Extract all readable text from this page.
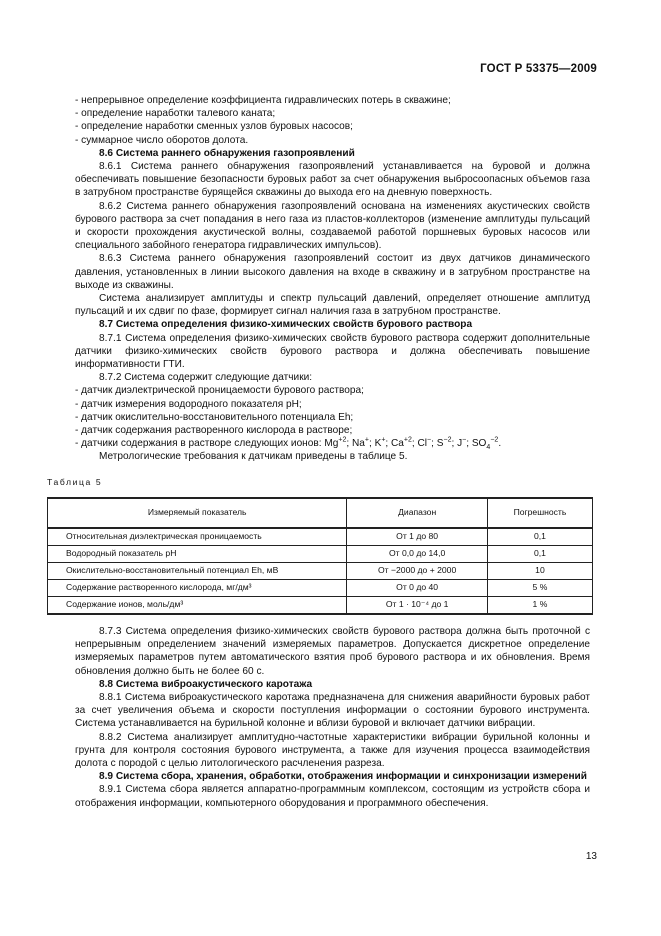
ГОСТ Р 53375—2009

- непрерывное определение коэффициента гидравлических потерь в скважине;

- определение наработки талевого каната;

- определение наработки сменных узлов буровых насосов;

- суммарное число оборотов долота.

8.6 Система раннего обнаружения газопроявлений

8.6.1 Система раннего обнаружения газопроявлений устанавливается на буровой и должна обеспечивать повышение безопасности буровых работ за счет обнаружения выбросоопасных объемов газа в затрубном пространстве бурящейся скважины до выхода его на дневную поверхность.

8.6.2 Система раннего обнаружения газопроявлений основана на изменениях акустических свойств бурового раствора за счет попадания в него газа из пластов-коллекторов (изменение амплитуды пульсаций и скорости прохождения акустической волны, создаваемой работой поршневых буровых насосов или специального забойного генератора гидравлических импульсов).

8.6.3 Система раннего обнаружения газопроявлений состоит из двух датчиков динамического давления, установленных в линии высокого давления на входе в скважину и в затрубном пространстве на выходе из скважины.

Система анализирует амплитуды и спектр пульсаций давлений, определяет отношение амплитуд пульсаций и их сдвиг по фазе, формирует сигнал наличия газа в затрубном пространстве.

8.7 Система определения физико-химических свойств бурового раствора

8.7.1 Система определения физико-химических свойств бурового раствора содержит дополнительные датчики физико-химических свойств бурового раствора и должна обеспечивать повышение информативности ГТИ.

8.7.2 Система содержит следующие датчики:

- датчик диэлектрической проницаемости бурового раствора;

- датчик измерения водородного показателя pH;

- датчик окислительно-восстановительного потенциала Eh;

- датчик содержания растворенного кислорода в растворе;

- датчики содержания в растворе следующих ионов: $Mg^{+2}$; Na+; K+; $Ca^{+2}$; Cl−; $S^{-2}$; J−; $SO_4^{-2}$.

Метрологические требования к датчикам приведены в таблице 5.

Таблица 5
Измеряемый показатель	Диапазон	Погрешность
Относительная диэлектрическая проницаемость	От 1 до 80	0,1
Водородный показатель pH	От 0,0 до 14,0	0,1
Окислительно-восстановительный потенциал Eh, мВ	От −2000 до + 2000	10
Содержание растворенного кислорода, мг/дм³	От 0 до 40	5 %
Содержание ионов, моль/дм³	От 1 · 10⁻⁴ до 1	1 %

8.7.3 Система определения физико-химических свойств бурового раствора должна быть проточной с непрерывным определением значений измеряемых параметров. Допускается дискретное определение измеряемых параметров путем автоматического взятия проб бурового раствора и их обновления. Время обновления должно быть не более 60 с.

8.8 Система виброакустического каротажа

8.8.1 Система виброакустического каротажа предназначена для снижения аварийности буровых работ за счет увеличения объема и скорости поступления информации о состоянии бурового инструмента. Система устанавливается на бурильной колонне и вблизи буровой и включает датчики вибрации.

8.8.2 Система анализирует амплитудно-частотные характеристики вибрации бурильной колонны и грунта для контроля состояния бурового инструмента, а также для изучения процесса взаимодействия долота с породой с целью литологического расчленения разреза.

8.9 Система сбора, хранения, обработки, отображения информации и синхронизации измерений

8.9.1 Система сбора является аппаратно-программным комплексом, состоящим из устройств сбора и отображения информации, компьютерного оборудования и программного обеспечения.

13
